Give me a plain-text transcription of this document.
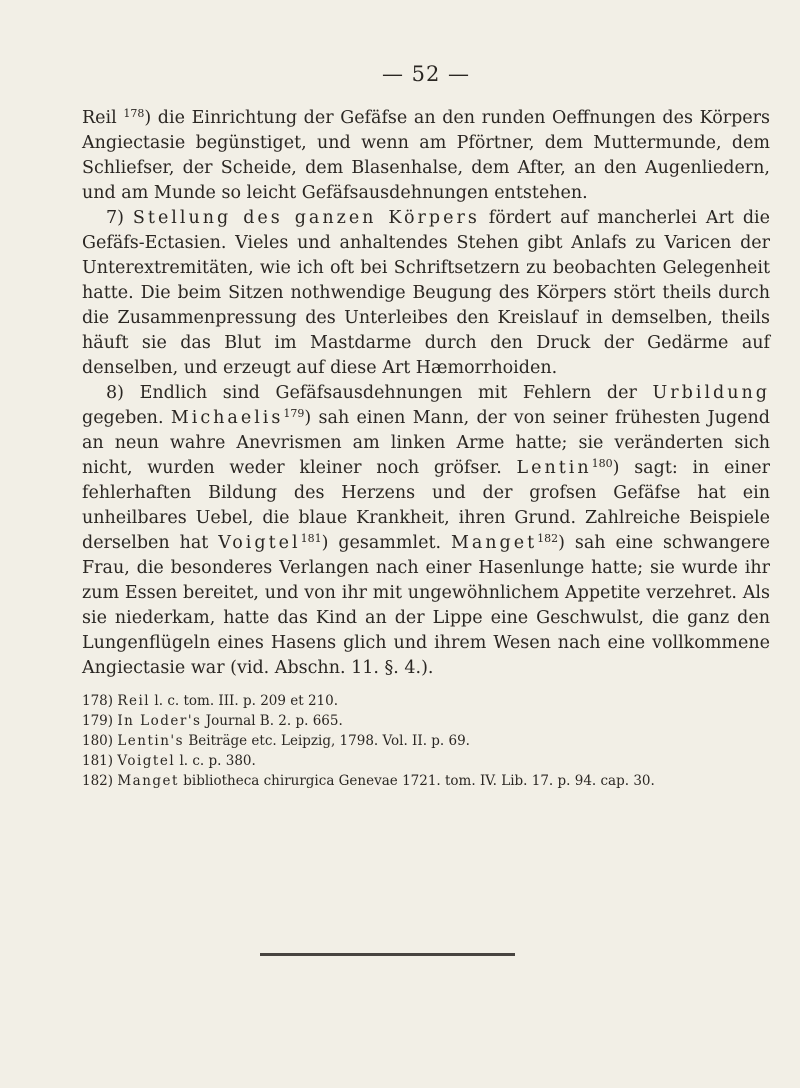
— 52 —

Reil $^{178}$) die Einrichtung der Gefäfse an den runden Oeffnungen des Körpers Angiectasie begünstiget, und wenn am Pförtner, dem Muttermunde, dem Schliefser, der Scheide, dem Blasenhalse, dem After, an den Augenliedern, und am Munde so leicht Gefäfsausdehnungen entstehen.

7) Stellung des ganzen Körpers fördert auf mancherlei Art die Gefäfs-Ectasien. Vieles und anhaltendes Stehen gibt Anlafs zu Varicen der Unterextremitäten, wie ich oft bei Schriftsetzern zu beobachten Gelegenheit hatte. Die beim Sitzen nothwendige Beugung des Körpers stört theils durch die Zusammenpressung des Unterleibes den Kreislauf in demselben, theils häuft sie das Blut im Mastdarme durch den Druck der Gedärme auf denselben, und erzeugt auf diese Art Hæmorrhoiden.

8) Endlich sind Gefäfsausdehnungen mit Fehlern der Urbildung gegeben. Michaelis$^{179}$) sah einen Mann, der von seiner frühesten Jugend an neun wahre Anevrismen am linken Arme hatte; sie veränderten sich nicht, wurden weder kleiner noch gröfser. Lentin$^{180}$) sagt: in einer fehlerhaften Bildung des Herzens und der grofsen Gefäfse hat ein unheilbares Uebel, die blaue Krankheit, ihren Grund. Zahlreiche Beispiele derselben hat Voigtel$^{181}$) gesammlet. Manget$^{182}$) sah eine schwangere Frau, die besonderes Verlangen nach einer Hasenlunge hatte; sie wurde ihr zum Essen bereitet, und von ihr mit ungewöhnlichem Appetite verzehret. Als sie niederkam, hatte das Kind an der Lippe eine Geschwulst, die ganz den Lungenflügeln eines Hasens glich und ihrem Wesen nach eine vollkommene Angiectasie war (vid. Abschn. 11. §. 4.).

178) Reil l. c. tom. III. p. 209 et 210.
179) In Loder's Journal B. 2. p. 665.
180) Lentin's Beiträge etc. Leipzig, 1798. Vol. II. p. 69.
181) Voigtel l. c. p. 380.
182) Manget bibliotheca chirurgica Genevae 1721. tom. IV. Lib. 17. p. 94. cap. 30.
